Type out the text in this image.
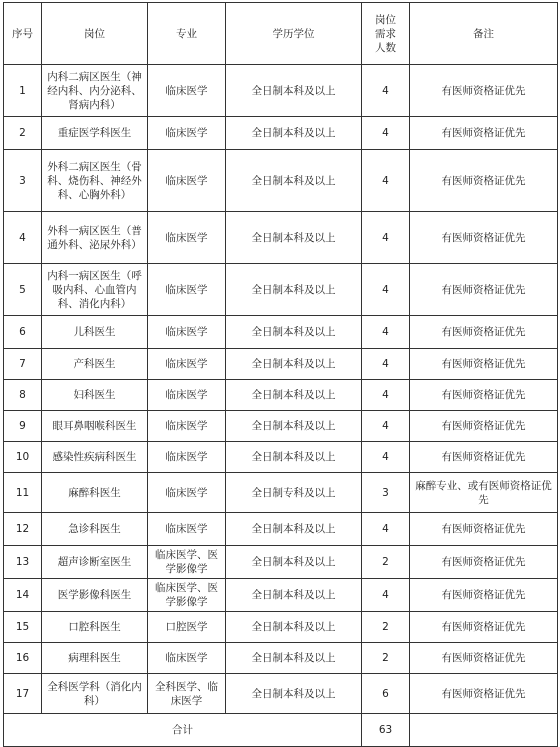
序号	岗位	专业	学历学位	岗位需求人数	备注
1	内科二病区医生（神经内科、内分泌科、肾病内科）	临床医学	全日制本科及以上	4	有医师资格证优先
2	重症医学科医生	临床医学	全日制本科及以上	4	有医师资格证优先
3	外科二病区医生（骨科、烧伤科、神经外科、心胸外科）	临床医学	全日制本科及以上	4	有医师资格证优先
4	外科一病区医生（普通外科、泌尿外科）	临床医学	全日制本科及以上	4	有医师资格证优先
5	内科一病区医生（呼吸内科、心血管内科、消化内科）	临床医学	全日制本科及以上	4	有医师资格证优先
6	儿科医生	临床医学	全日制本科及以上	4	有医师资格证优先
7	产科医生	临床医学	全日制本科及以上	4	有医师资格证优先
8	妇科医生	临床医学	全日制本科及以上	4	有医师资格证优先
9	眼耳鼻咽喉科医生	临床医学	全日制本科及以上	4	有医师资格证优先
10	感染性疾病科医生	临床医学	全日制本科及以上	4	有医师资格证优先
11	麻醉科医生	临床医学	全日制专科及以上	3	麻醉专业、或有医师资格证优先
12	急诊科医生	临床医学	全日制本科及以上	4	有医师资格证优先
13	超声诊断室医生	临床医学、医学影像学	全日制本科及以上	2	有医师资格证优先
14	医学影像科医生	临床医学、医学影像学	全日制本科及以上	4	有医师资格证优先
15	口腔科医生	口腔医学	全日制本科及以上	2	有医师资格证优先
16	病理科医生	临床医学	全日制本科及以上	2	有医师资格证优先
17	全科医学科（消化内科）	全科医学、临床医学	全日制本科及以上	6	有医师资格证优先
合计				63	
